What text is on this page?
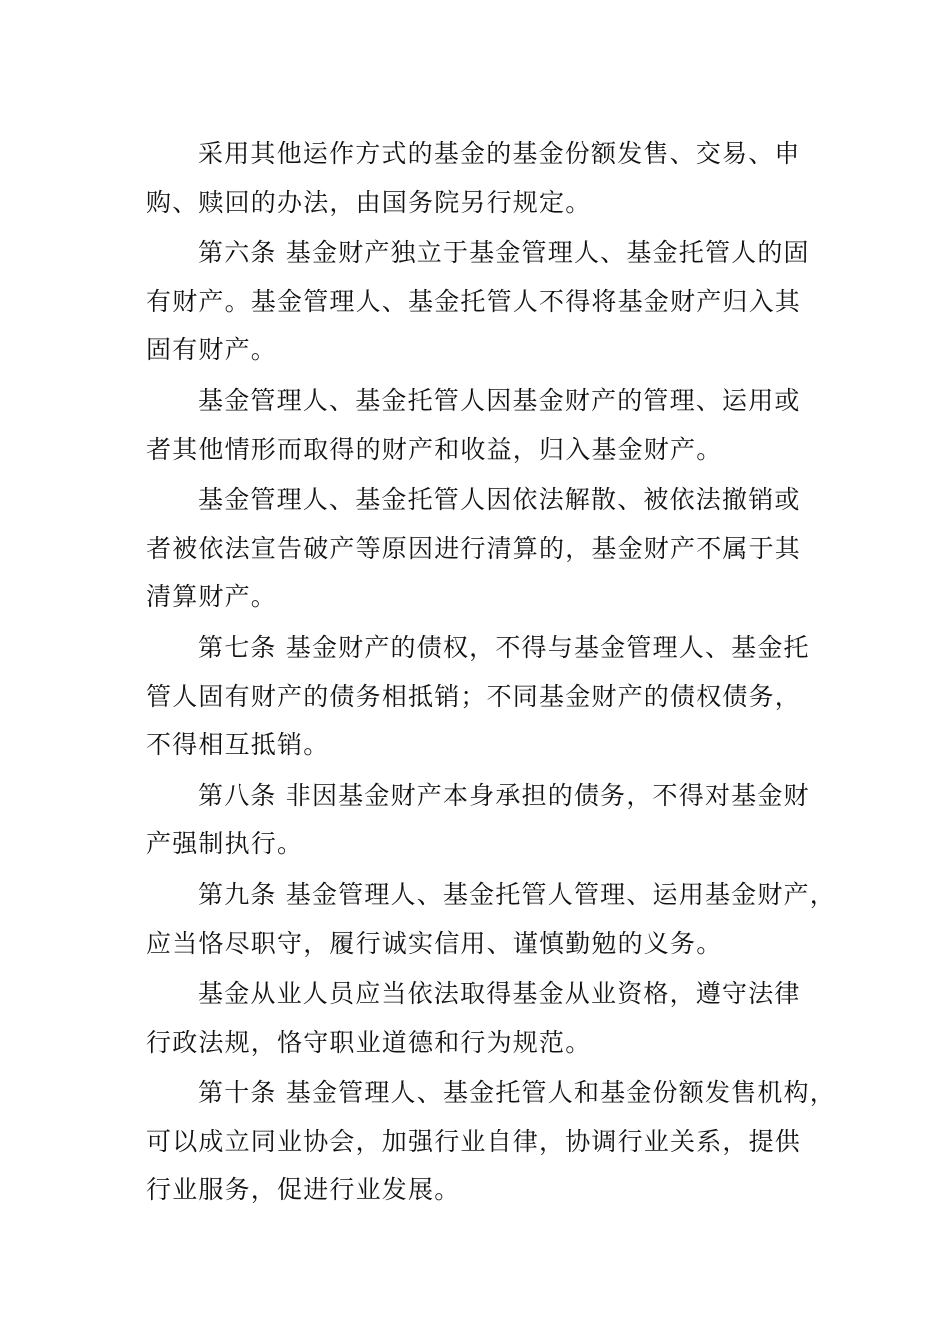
采用其他运作方式的基金的基金份额发售、交易、申
购、赎回的办法，由国务院另行规定。

第六条 基金财产独立于基金管理人、基金托管人的固
有财产。基金管理人、基金托管人不得将基金财产归入其
固有财产。

基金管理人、基金托管人因基金财产的管理、运用或
者其他情形而取得的财产和收益，归入基金财产。

基金管理人、基金托管人因依法解散、被依法撤销或
者被依法宣告破产等原因进行清算的，基金财产不属于其
清算财产。

第七条 基金财产的债权，不得与基金管理人、基金托
管人固有财产的债务相抵销；不同基金财产的债权债务，
不得相互抵销。

第八条 非因基金财产本身承担的债务，不得对基金财
产强制执行。

第九条 基金管理人、基金托管人管理、运用基金财产，
应当恪尽职守，履行诚实信用、谨慎勤勉的义务。

基金从业人员应当依法取得基金从业资格，遵守法律
行政法规，恪守职业道德和行为规范。

第十条 基金管理人、基金托管人和基金份额发售机构，
可以成立同业协会，加强行业自律，协调行业关系，提供
行业服务，促进行业发展。
